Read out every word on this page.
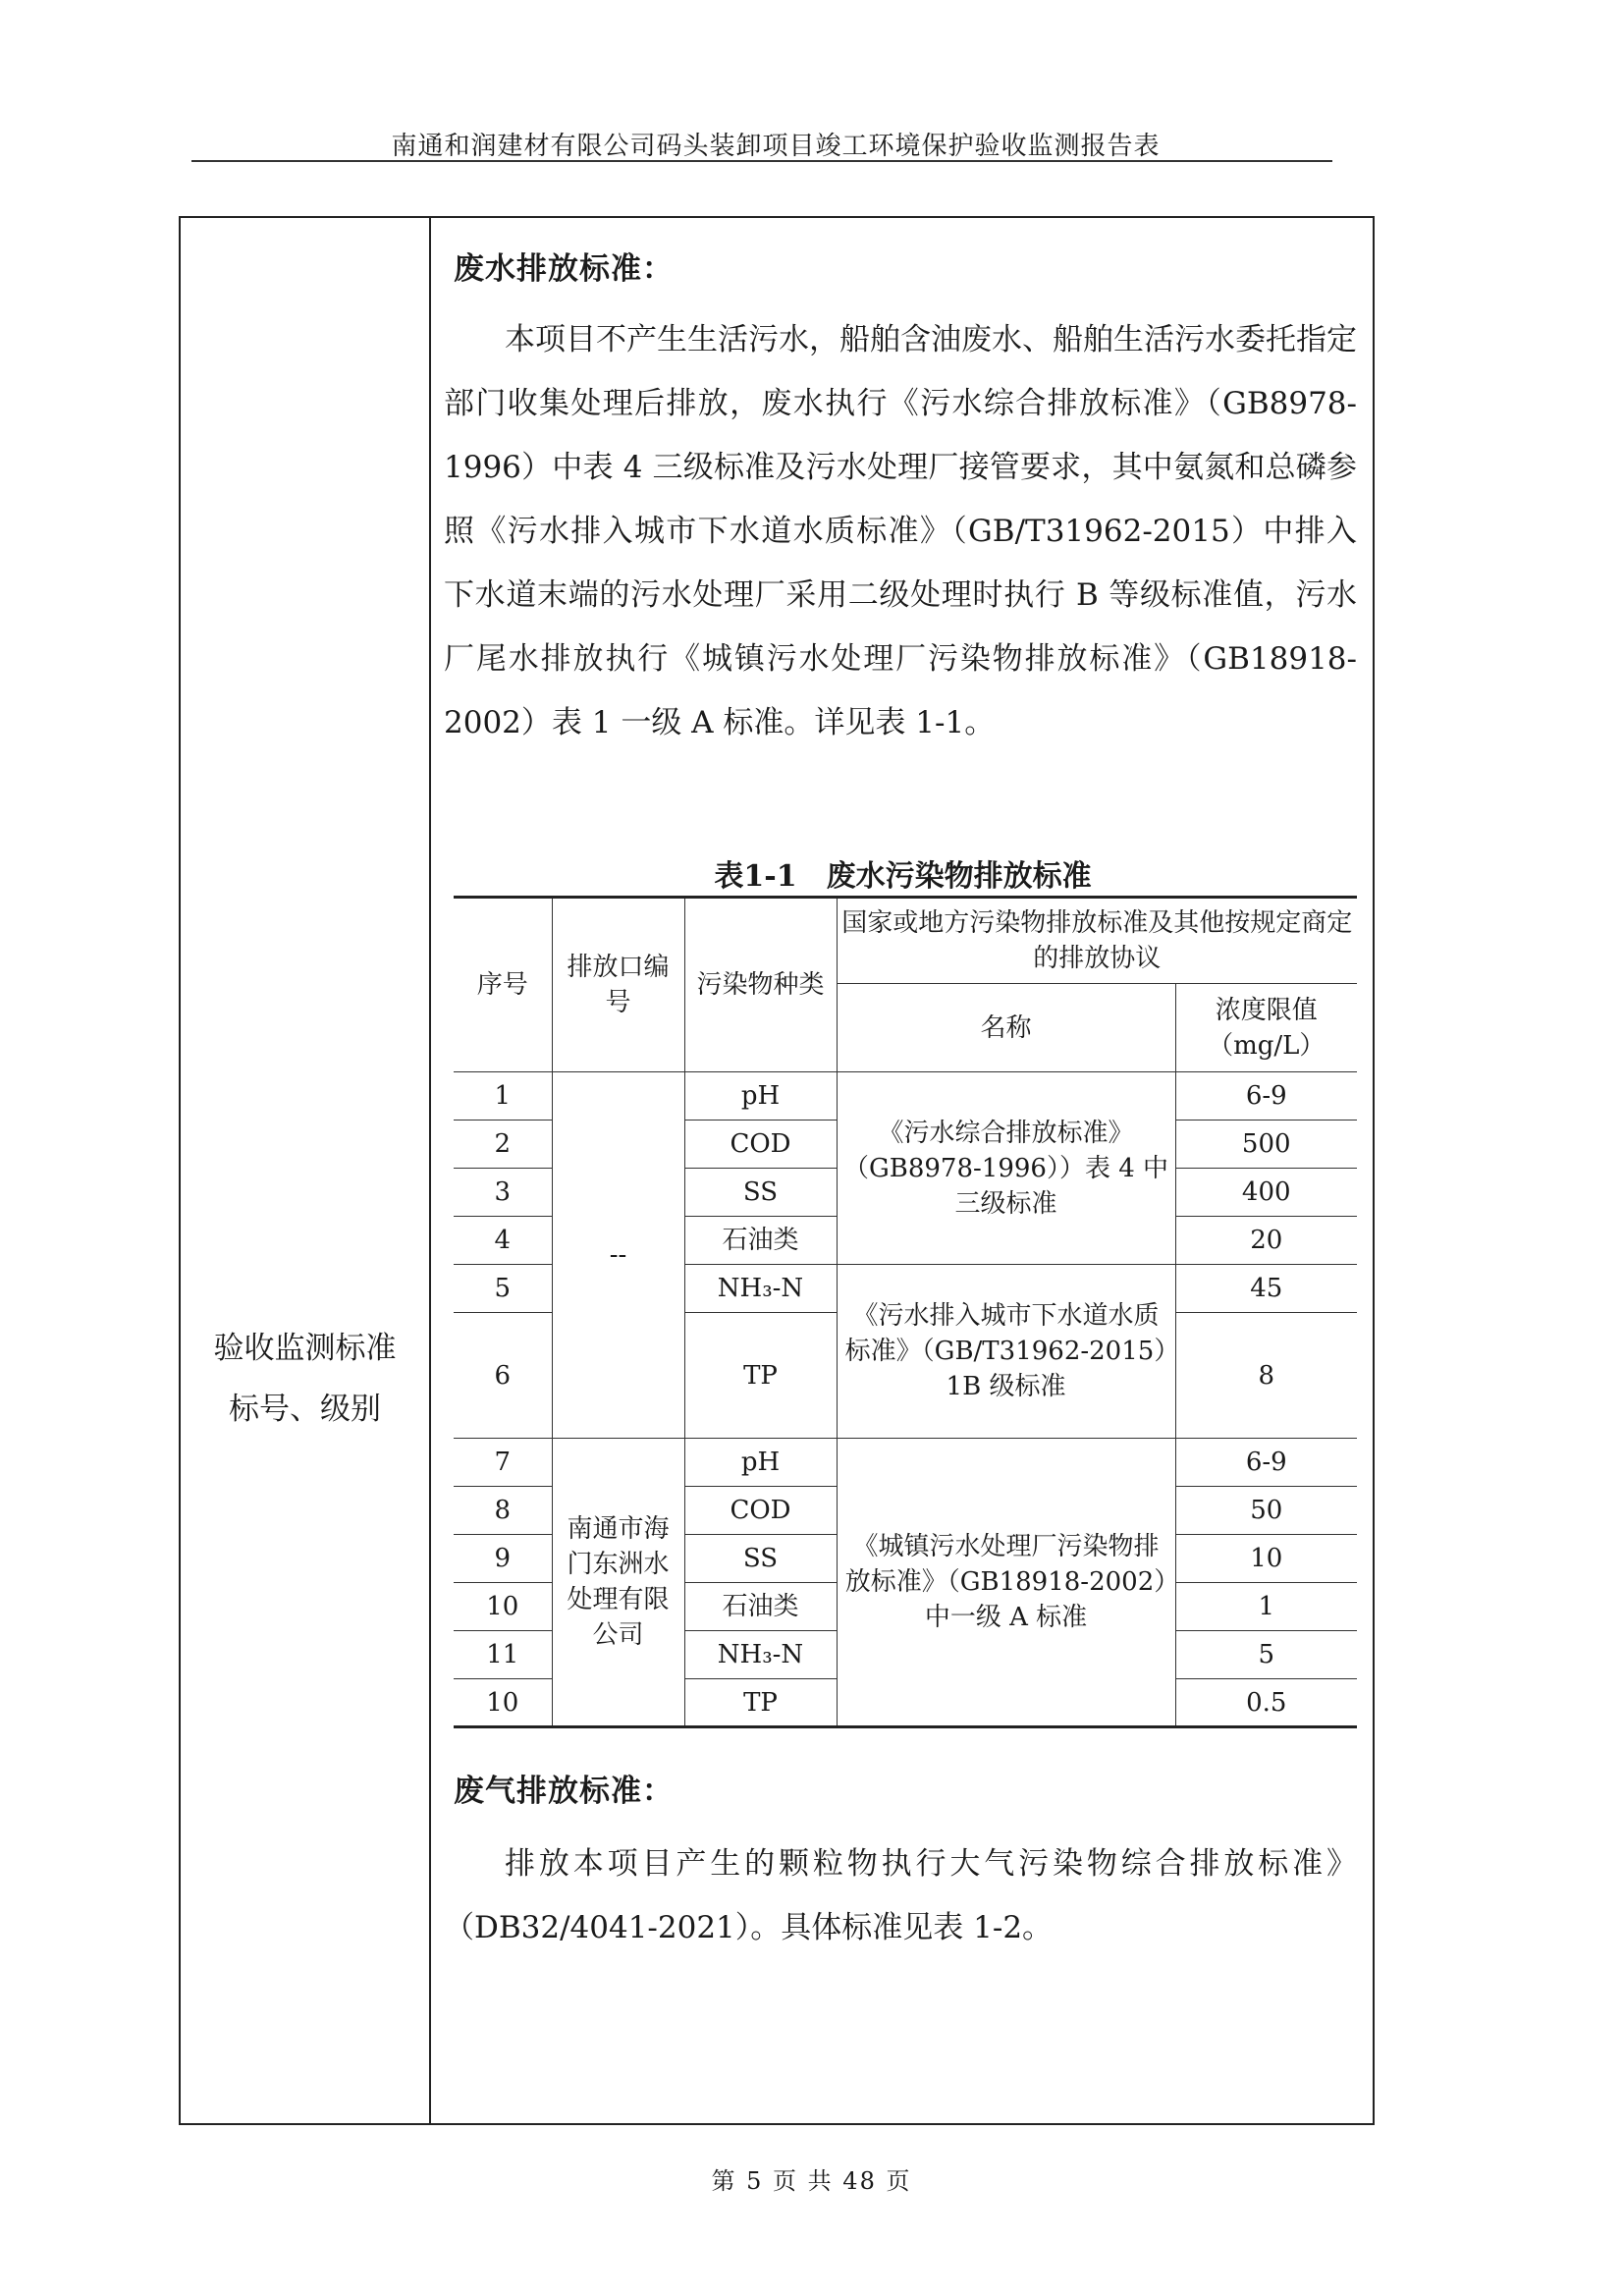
南通和润建材有限公司码头装卸项目竣工环境保护验收监测报告表
验收监测标准
标号、级别
废水排放标准：
本项目不产生生活污水，船舶含油废水、船舶生活污水委托指定部门收集处理后排放，废水执行《污水综合排放标准》（GB8978-1996）中表 4 三级标准及污水处理厂接管要求，其中氨氮和总磷参照《污水排入城市下水道水质标准》（GB/T31962-2015）中排入下水道末端的污水处理厂采用二级处理时执行 B 等级标准值，污水厂尾水排放执行《城镇污水处理厂污染物排放标准》（GB18918-2002）表 1 一级 A 标准。详见表 1-1。
表1-1　废水污染物排放标准
序号	排放口编号	污染物种类	国家或地方污染物排放标准及其他按规定商定的排放协议	
			名称	浓度限值（mg/L）
1	--	pH	《污水综合排放标准》（GB8978-1996））表 4 中三级标准	6-9
2		COD		500
3		SS		400
4		石油类		20
5		NH₃-N	《污水排入城市下水道水质标准》（GB/T31962-2015）1B 级标准	45
6		TP		8
7	南通市海门东洲水处理有限公司	pH	《城镇污水处理厂污染物排放标准》（GB18918-2002）中一级 A 标准	6-9
8		COD		50
9		SS		10
10		石油类		1
11		NH₃-N		5
10		TP		0.5
废气排放标准：
排放本项目产生的颗粒物执行大气污染物综合排放标准》（DB32/4041-2021）。具体标准见表 1-2。
第 5 页 共 48 页
